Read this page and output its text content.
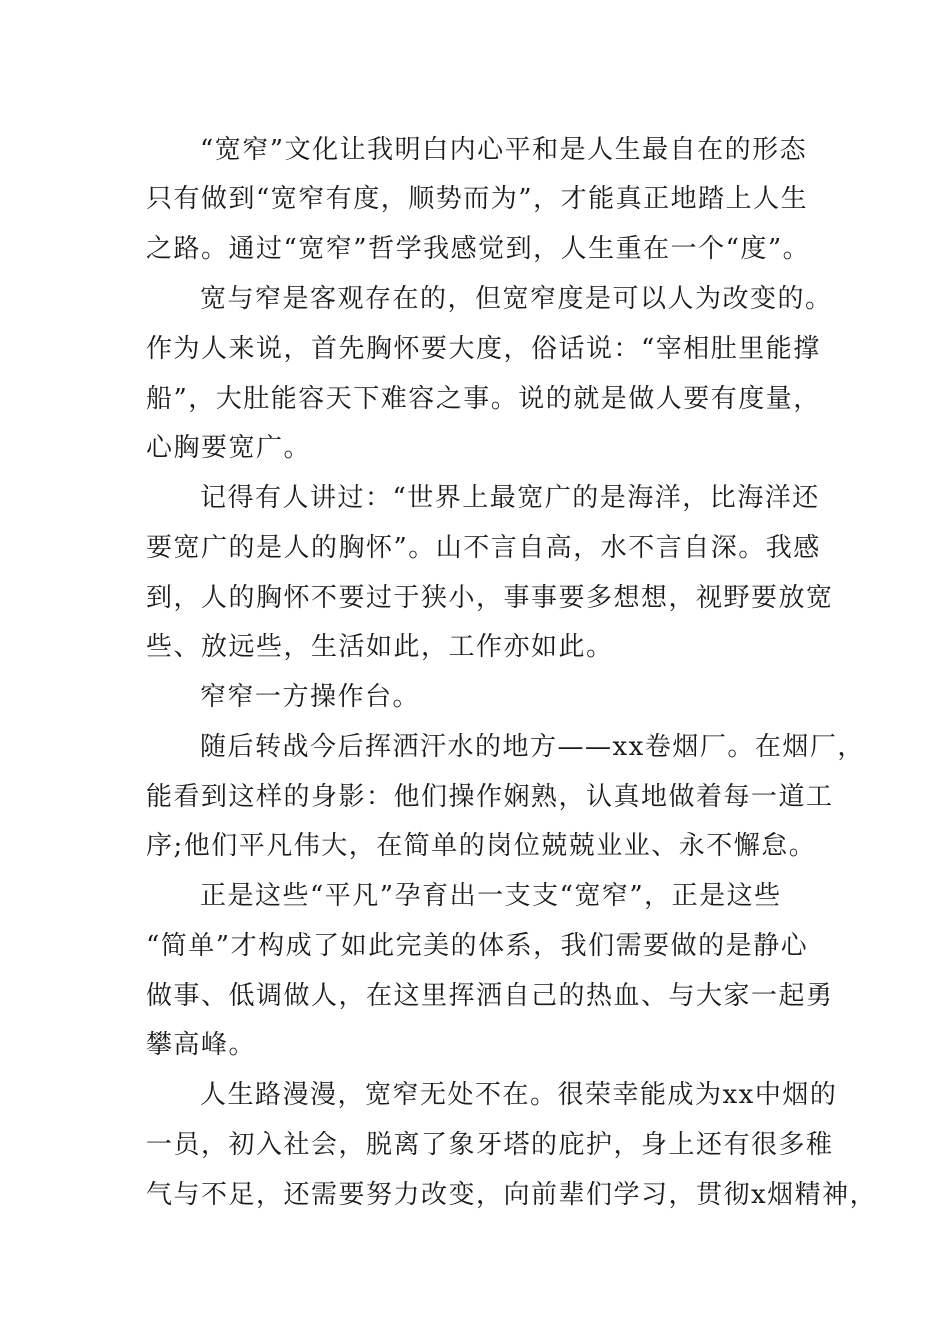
“宽窄”文化让我明白内心平和是人生最自在的形态
只有做到“宽窄有度，顺势而为”，才能真正地踏上人生
之路。通过“宽窄”哲学我感觉到，人生重在一个“度”。
宽与窄是客观存在的，但宽窄度是可以人为改变的。
作为人来说，首先胸怀要大度，俗话说：“宰相肚里能撑
船”，大肚能容天下难容之事。说的就是做人要有度量，
心胸要宽广。
记得有人讲过：“世界上最宽广的是海洋，比海洋还
要宽广的是人的胸怀”。山不言自高，水不言自深。我感
到，人的胸怀不要过于狭小，事事要多想想，视野要放宽
些、放远些，生活如此，工作亦如此。
窄窄一方操作台。
随后转战今后挥洒汗水的地方——xx卷烟厂。在烟厂，
能看到这样的身影：他们操作娴熟，认真地做着每一道工
序;他们平凡伟大，在简单的岗位兢兢业业、永不懈怠。
正是这些“平凡”孕育出一支支“宽窄”，正是这些
“简单”才构成了如此完美的体系，我们需要做的是静心
做事、低调做人，在这里挥洒自己的热血、与大家一起勇
攀高峰。
人生路漫漫，宽窄无处不在。很荣幸能成为xx中烟的
一员，初入社会，脱离了象牙塔的庇护，身上还有很多稚
气与不足，还需要努力改变，向前辈们学习，贯彻x烟精神，
